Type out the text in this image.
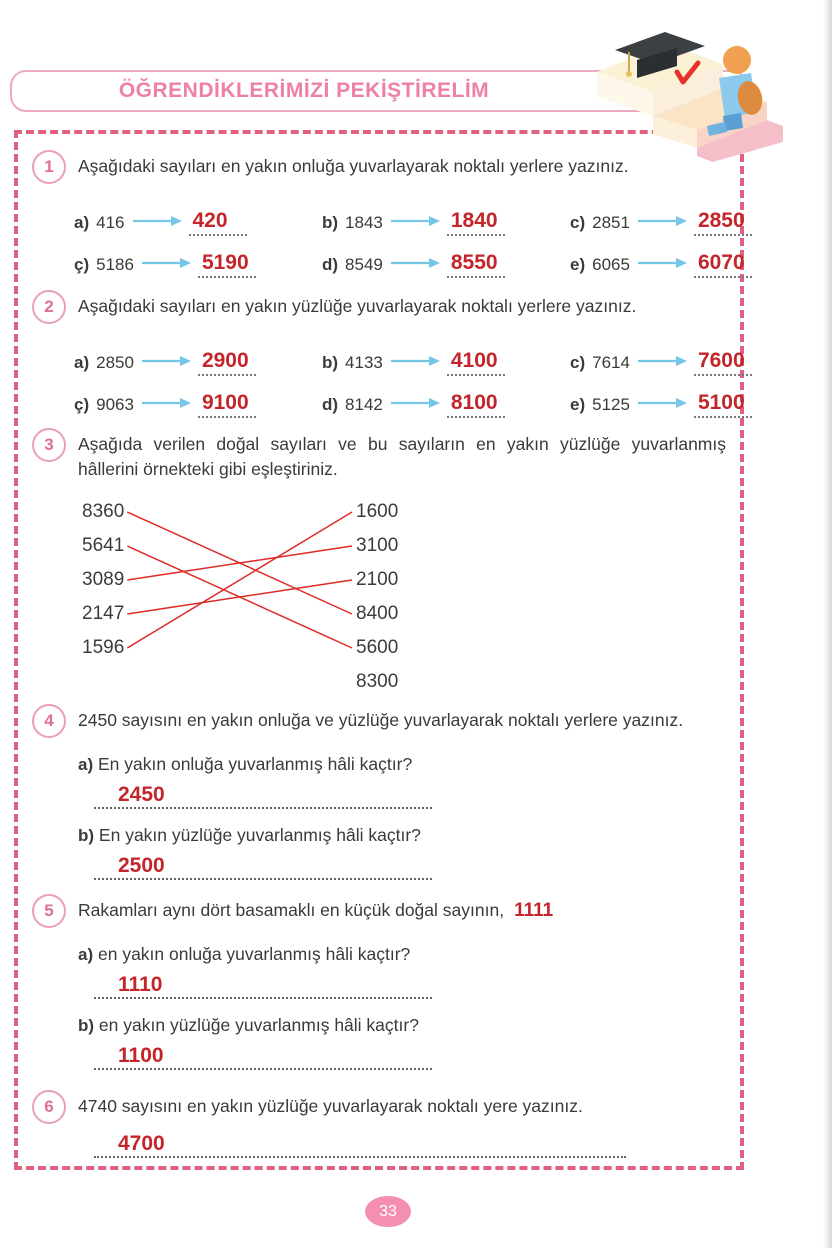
ÖĞRENDİKLERİMİZİ PEKİŞTİRELİM
1	Aşağıdaki sayıları en yakın onluğa yuvarlayarak noktalı yerlere yazınız.
a) 416	420	b) 1843	1840	c) 2851	2850
ç) 5186	5190	d) 8549	8550	e) 6065	6070
2	Aşağıdaki sayıları en yakın yüzlüğe yuvarlayarak noktalı yerlere yazınız.
a) 2850	2900	b) 4133	4100	c) 7614	7600
ç) 9063	9100	d) 8142	8100	e) 5125	5100
3	Aşağıda verilen doğal sayıları ve bu sayıların en yakın yüzlüğe yuvarlanmış hâllerini örnekteki gibi eşleştiriniz.
8360
5641
3089
2147
1596
1600
3100
2100
8400
5600
8300
4	2450 sayısını en yakın onluğa ve yüzlüğe yuvarlayarak noktalı yerlere yazınız.
a) En yakın onluğa yuvarlanmış hâli kaçtır?
2450
b) En yakın yüzlüğe yuvarlanmış hâli kaçtır?
2500
5	Rakamları aynı dört basamaklı en küçük doğal sayının, 1111
a) en yakın onluğa yuvarlanmış hâli kaçtır?
1110
b) en yakın yüzlüğe yuvarlanmış hâli kaçtır?
1100
6	4740 sayısını en yakın yüzlüğe yuvarlayarak noktalı yere yazınız.
4700
33
